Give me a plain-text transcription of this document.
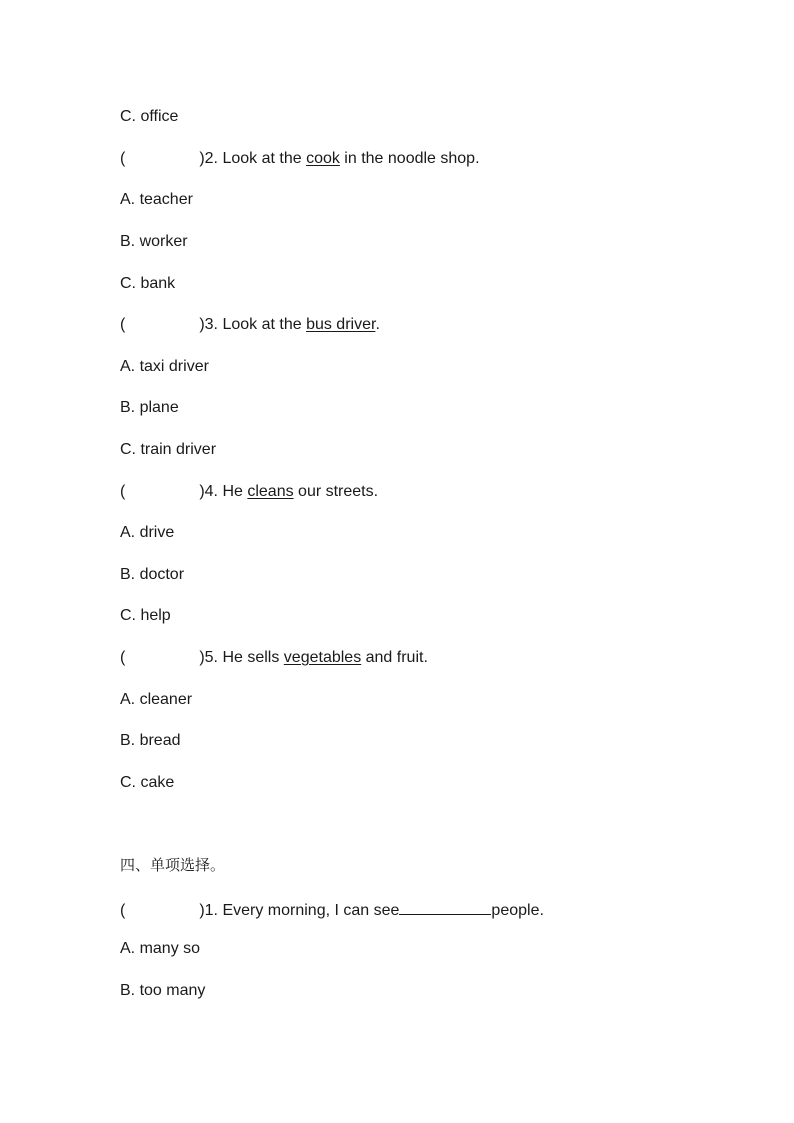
C. office
(	)2. Look at the cook in the noodle shop.
A. teacher
B. worker
C. bank
(	)3. Look at the bus driver.
A. taxi driver
B. plane
C. train driver
(	)4. He cleans our streets.
A. drive
B. doctor
C. help
(	)5. He sells vegetables and fruit.
A. cleaner
B. bread
C. cake
四、单项选择。
(	)1. Every morning, I can see	people.
A. many so
B. too many
